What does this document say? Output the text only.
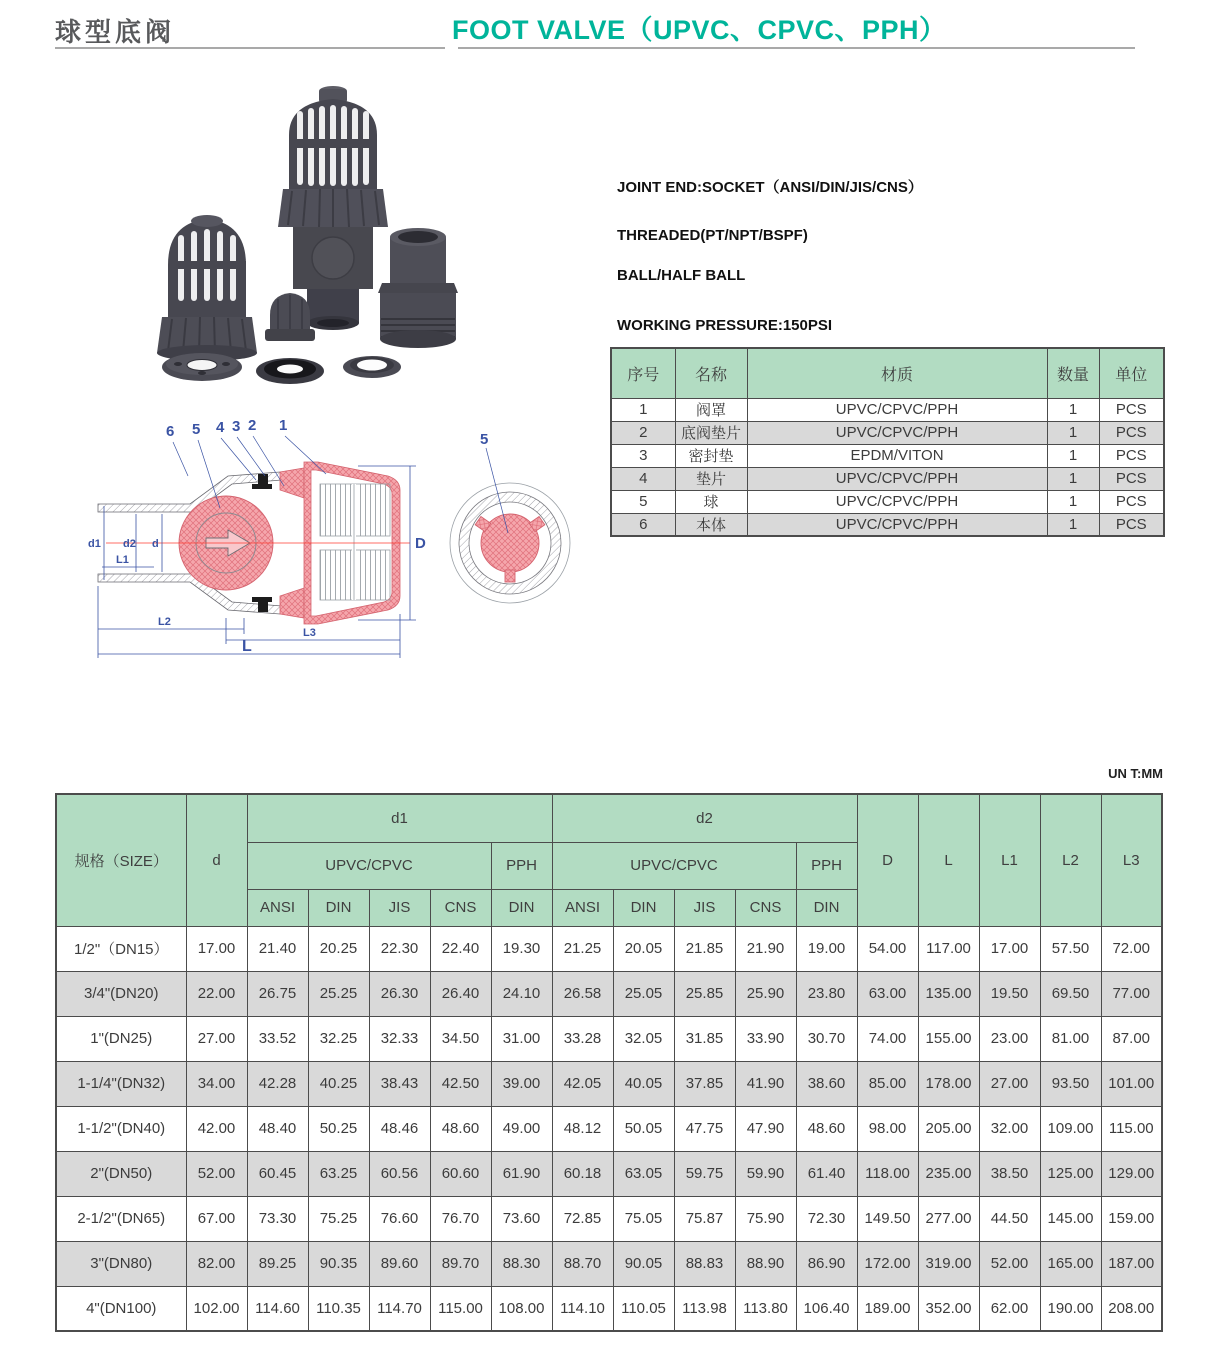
球型底阀	FOOT VALVE（UPVC、CPVC、PPH）
d1 d2 d
L1
L2
L3
L
D
6 5 4 3 2 1
5
JOINT END:SOCKET（ANSI/DIN/JIS/CNS）
THREADED(PT/NPT/BSPF)
BALL/HALF BALL
WORKING PRESSURE:150PSI
序号	名称	材质	数量	单位
1	阀罩	UPVC/CPVC/PPH	1	PCS
2	底阀垫片	UPVC/CPVC/PPH	1	PCS
3	密封垫	EPDM/VITON	1	PCS
4	垫片	UPVC/CPVC/PPH	1	PCS
5	球	UPVC/CPVC/PPH	1	PCS
6	本体	UPVC/CPVC/PPH	1	PCS
UN T:MM
规格（SIZE）	d	d1					d2					D	L	L1	L2	L3
		UPVC/CPVC				PPH	UPVC/CPVC				PPH					
		ANSI	DIN	JIS	CNS	DIN	ANSI	DIN	JIS	CNS	DIN					
1/2"（DN15）	17.00	21.40	20.25	22.30	22.40	19.30	21.25	20.05	21.85	21.90	19.00	54.00	117.00	17.00	57.50	72.00
3/4"(DN20)	22.00	26.75	25.25	26.30	26.40	24.10	26.58	25.05	25.85	25.90	23.80	63.00	135.00	19.50	69.50	77.00
1"(DN25)	27.00	33.52	32.25	32.33	34.50	31.00	33.28	32.05	31.85	33.90	30.70	74.00	155.00	23.00	81.00	87.00
1-1/4"(DN32)	34.00	42.28	40.25	38.43	42.50	39.00	42.05	40.05	37.85	41.90	38.60	85.00	178.00	27.00	93.50	101.00
1-1/2"(DN40)	42.00	48.40	50.25	48.46	48.60	49.00	48.12	50.05	47.75	47.90	48.60	98.00	205.00	32.00	109.00	115.00
2"(DN50)	52.00	60.45	63.25	60.56	60.60	61.90	60.18	63.05	59.75	59.90	61.40	118.00	235.00	38.50	125.00	129.00
2-1/2"(DN65)	67.00	73.30	75.25	76.60	76.70	73.60	72.85	75.05	75.87	75.90	72.30	149.50	277.00	44.50	145.00	159.00
3"(DN80)	82.00	89.25	90.35	89.60	89.70	88.30	88.70	90.05	88.83	88.90	86.90	172.00	319.00	52.00	165.00	187.00
4"(DN100)	102.00	114.60	110.35	114.70	115.00	108.00	114.10	110.05	113.98	113.80	106.40	189.00	352.00	62.00	190.00	208.00
